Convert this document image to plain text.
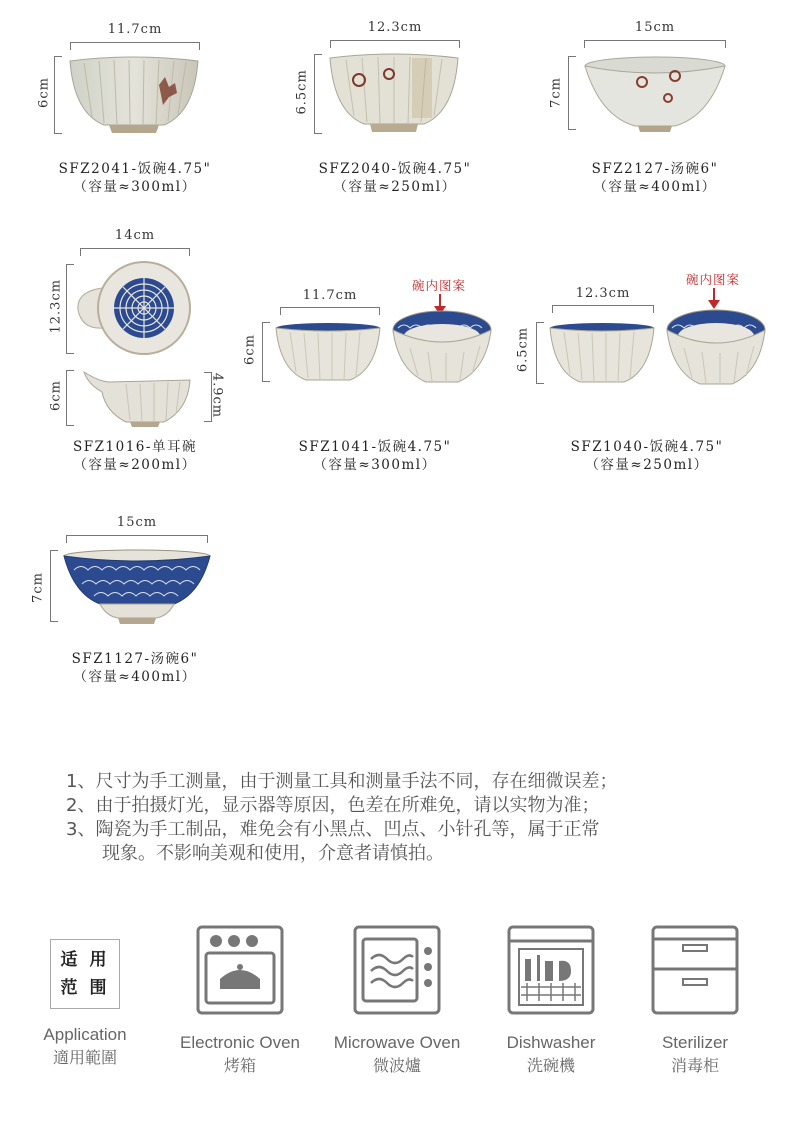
11.7cm
6cm
SFZ2041-饭碗4.75"
（容量≈300ml）
12.3cm
6.5cm
SFZ2040-饭碗4.75"
（容量≈250ml）
15cm
7cm
SFZ2127-汤碗6"
（容量≈400ml）
14cm
12.3cm
6cm	4.9cm
SFZ1016-单耳碗
（容量≈200ml）
11.7cm
6cm
碗内图案
SFZ1041-饭碗4.75"
（容量≈300ml）
12.3cm
6.5cm
碗内图案
SFZ1040-饭碗4.75"
（容量≈250ml）
15cm
7cm
SFZ1127-汤碗6"
（容量≈400ml）
1、尺寸为手工测量，由于测量工具和测量手法不同，存在细微误差；
2、由于拍摄灯光，显示器等原因，色差在所难免，请以实物为准；
3、陶瓷为手工制品，难免会有小黑点、凹点、小针孔等，属于正常
现象。不影响美观和使用，介意者请慎拍。
适 用
范 围
Application
適用範圍
Electronic Oven
烤箱
Microwave Oven
微波爐
Dishwasher
洗碗機
Sterilizer
消毒柜
